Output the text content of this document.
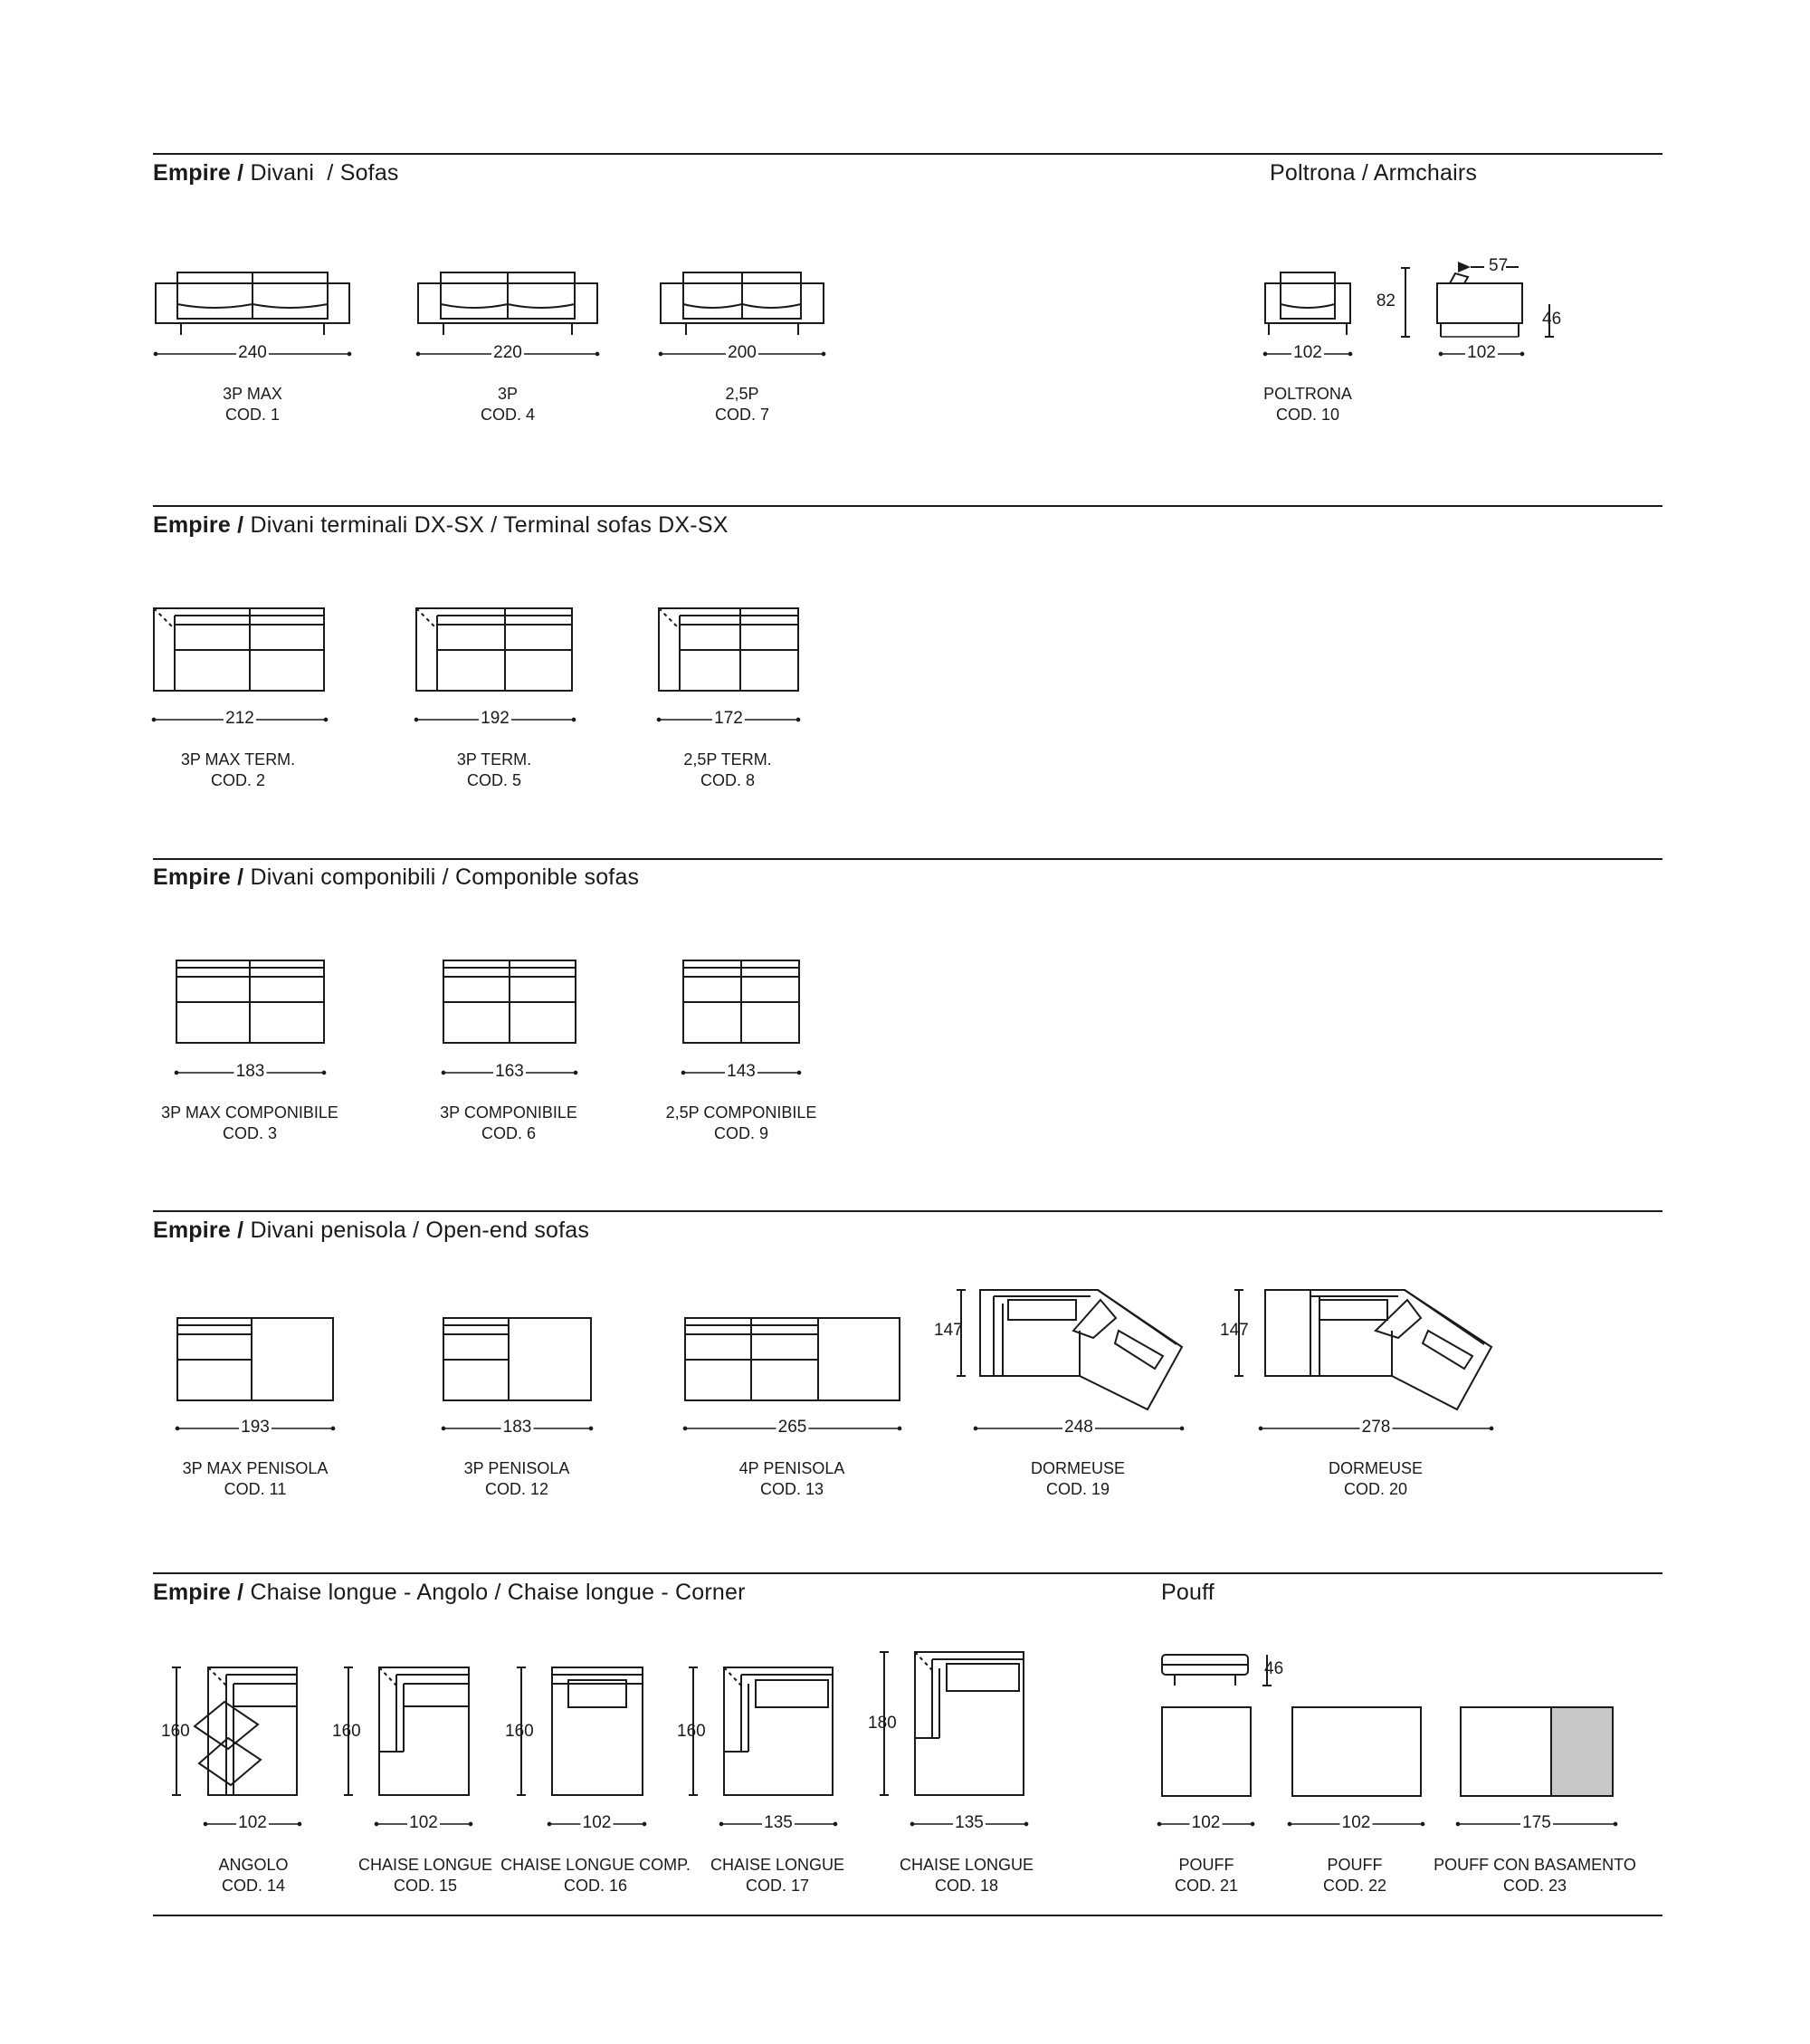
Empire / Divani / Sofas	Poltrona / Armchairs
Empire / Divani terminali DX-SX / Terminal sofas DX-SX
Empire / Divani componibili / Componible sofas
Empire / Divani penisola / Open-end sofas
Empire / Chaise longue - Angolo / Chaise longue - Corner	Pouff
240	220	200	102	102
212	192	172
183	163	143
193	183	265	248	278
102	102	102	135	135	102	102	175
3P MAX
COD. 1
3P
COD. 4
2,5P
COD. 7
POLTRONA
COD. 10
3P MAX TERM.
COD. 2
3P TERM.
COD. 5
2,5P TERM.
COD. 8
3P MAX COMPONIBILE
COD. 3
3P COMPONIBILE
COD. 6
2,5P COMPONIBILE
COD. 9
3P MAX PENISOLA
COD. 11
3P PENISOLA
COD. 12
4P PENISOLA
COD. 13
DORMEUSE
COD. 19
DORMEUSE
COD. 20
ANGOLO
COD. 14
CHAISE LONGUE
COD. 15
CHAISE LONGUE COMP.
COD. 16
CHAISE LONGUE
COD. 17
CHAISE LONGUE
COD. 18
POUFF
COD. 21
POUFF
COD. 22
POUFF CON BASAMENTO
COD. 23
82
46
57
147	147
160	160	160	160	180
46
